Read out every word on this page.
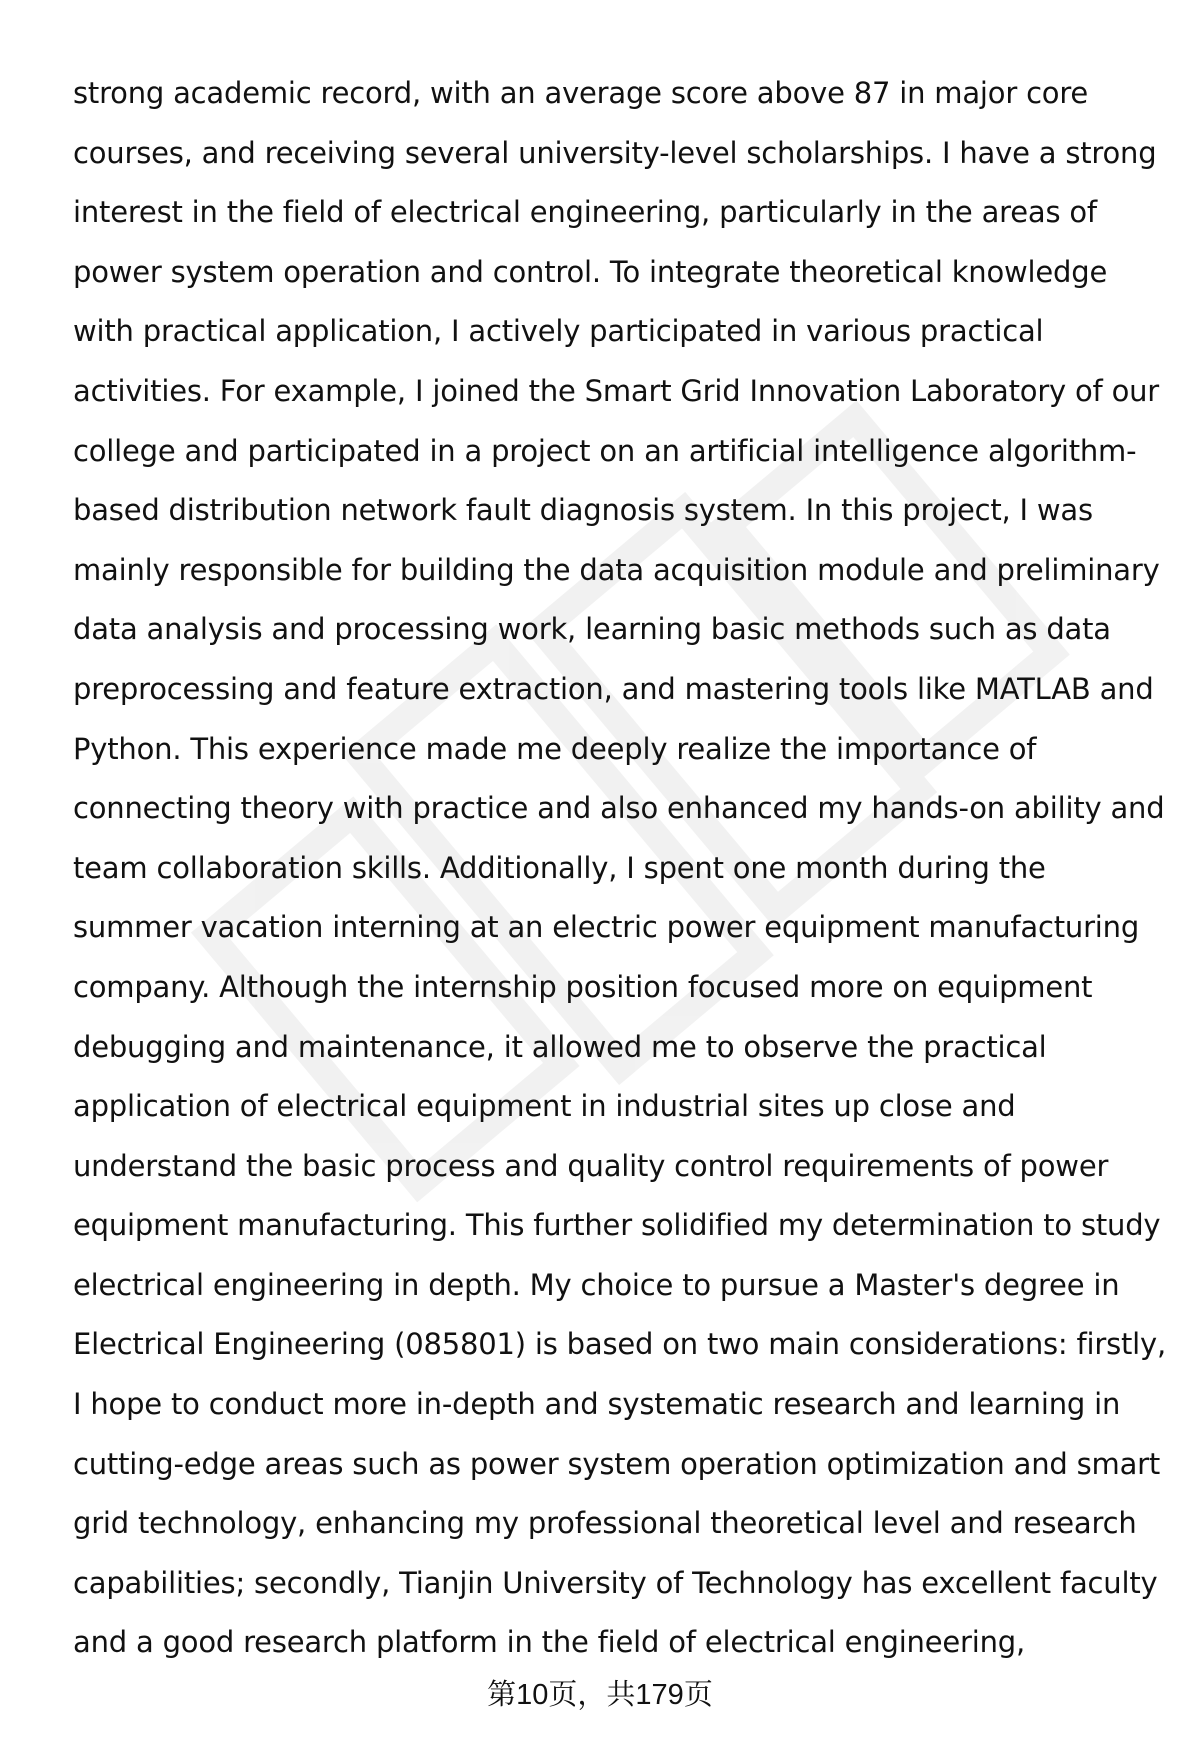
strong academic record, with an average score above 87 in major core
courses, and receiving several university-level scholarships. I have a strong
interest in the field of electrical engineering, particularly in the areas of
power system operation and control. To integrate theoretical knowledge
with practical application, I actively participated in various practical
activities. For example, I joined the Smart Grid Innovation Laboratory of our
college and participated in a project on an artificial intelligence algorithm-
based distribution network fault diagnosis system. In this project, I was
mainly responsible for building the data acquisition module and preliminary
data analysis and processing work, learning basic methods such as data
preprocessing and feature extraction, and mastering tools like MATLAB and
Python. This experience made me deeply realize the importance of
connecting theory with practice and also enhanced my hands-on ability and
team collaboration skills. Additionally, I spent one month during the
summer vacation interning at an electric power equipment manufacturing
company. Although the internship position focused more on equipment
debugging and maintenance, it allowed me to observe the practical
application of electrical equipment in industrial sites up close and
understand the basic process and quality control requirements of power
equipment manufacturing. This further solidified my determination to study
electrical engineering in depth. My choice to pursue a Master's degree in
Electrical Engineering (085801) is based on two main considerations: firstly,
I hope to conduct more in-depth and systematic research and learning in
cutting-edge areas such as power system operation optimization and smart
grid technology, enhancing my professional theoretical level and research
capabilities; secondly, Tianjin University of Technology has excellent faculty
and a good research platform in the field of electrical engineering,
第10页，共179页
